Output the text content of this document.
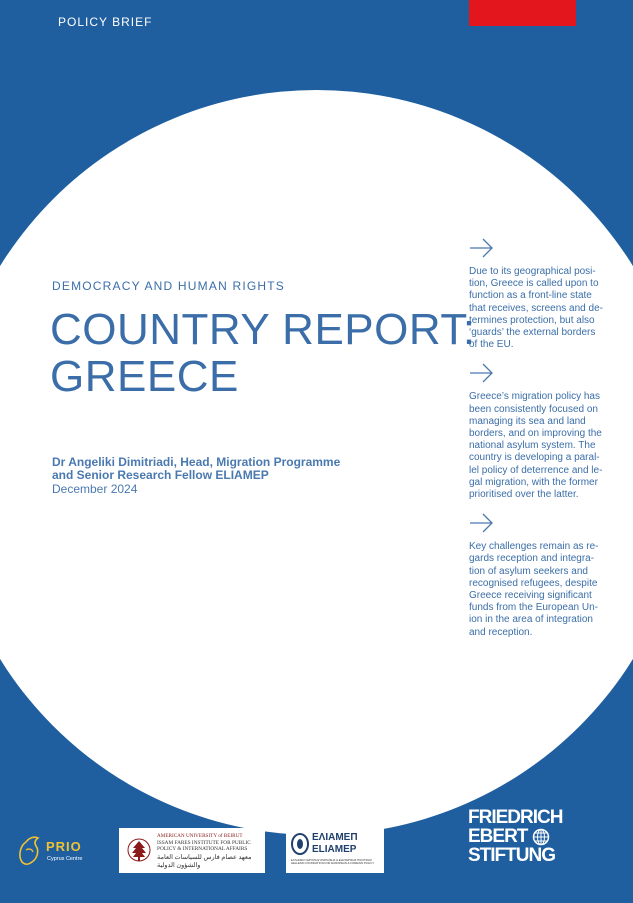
POLICY BRIEF
DEMOCRACY AND HUMAN RIGHTS
COUNTRY REPORT:
GREECE
Dr Angeliki Dimitriadi, Head, Migration Programme
and Senior Research Fellow ELIAMEP
December 2024

Due to its geographical posi-
tion, Greece is called upon to
function as a front-line state
that receives, screens and de-
termines protection, but also
‘guards’ the external borders
of the EU.

Greece’s migration policy has
been consistently focused on
managing its sea and land
borders, and on improving the
national asylum system. The
country is developing a paral-
lel policy of deterrence and le-
gal migration, with the former
prioritised over the latter.

Key challenges remain as re-
gards reception and integra-
tion of asylum seekers and
recognised refugees, despite
Greece receiving significant
funds from the European Un-
ion in the area of integration
and reception.

PRIO
Cyprus Centre
AMERICAN UNIVERSITY of BEIRUT
ISSAM FARES INSTITUTE FOR PUBLIC
POLICY & INTERNATIONAL AFFAIRS
معهد عصام فارس للسياسات العامة
والشؤون الدولية
ΕΛΙΑΜΕΠ
ELIAMEP
ΕΛΛΗΝΙΚΟ ΙΔΡΥΜΑ ΕΥΡΩΠΑΪΚΗΣ & ΕΞΩΤΕΡΙΚΗΣ ΠΟΛΙΤΙΚΗΣ HELLENIC FOUNDATION FOR EUROPEAN & FOREIGN POLICY
FRIEDRICH
EBERT
STIFTUNG
